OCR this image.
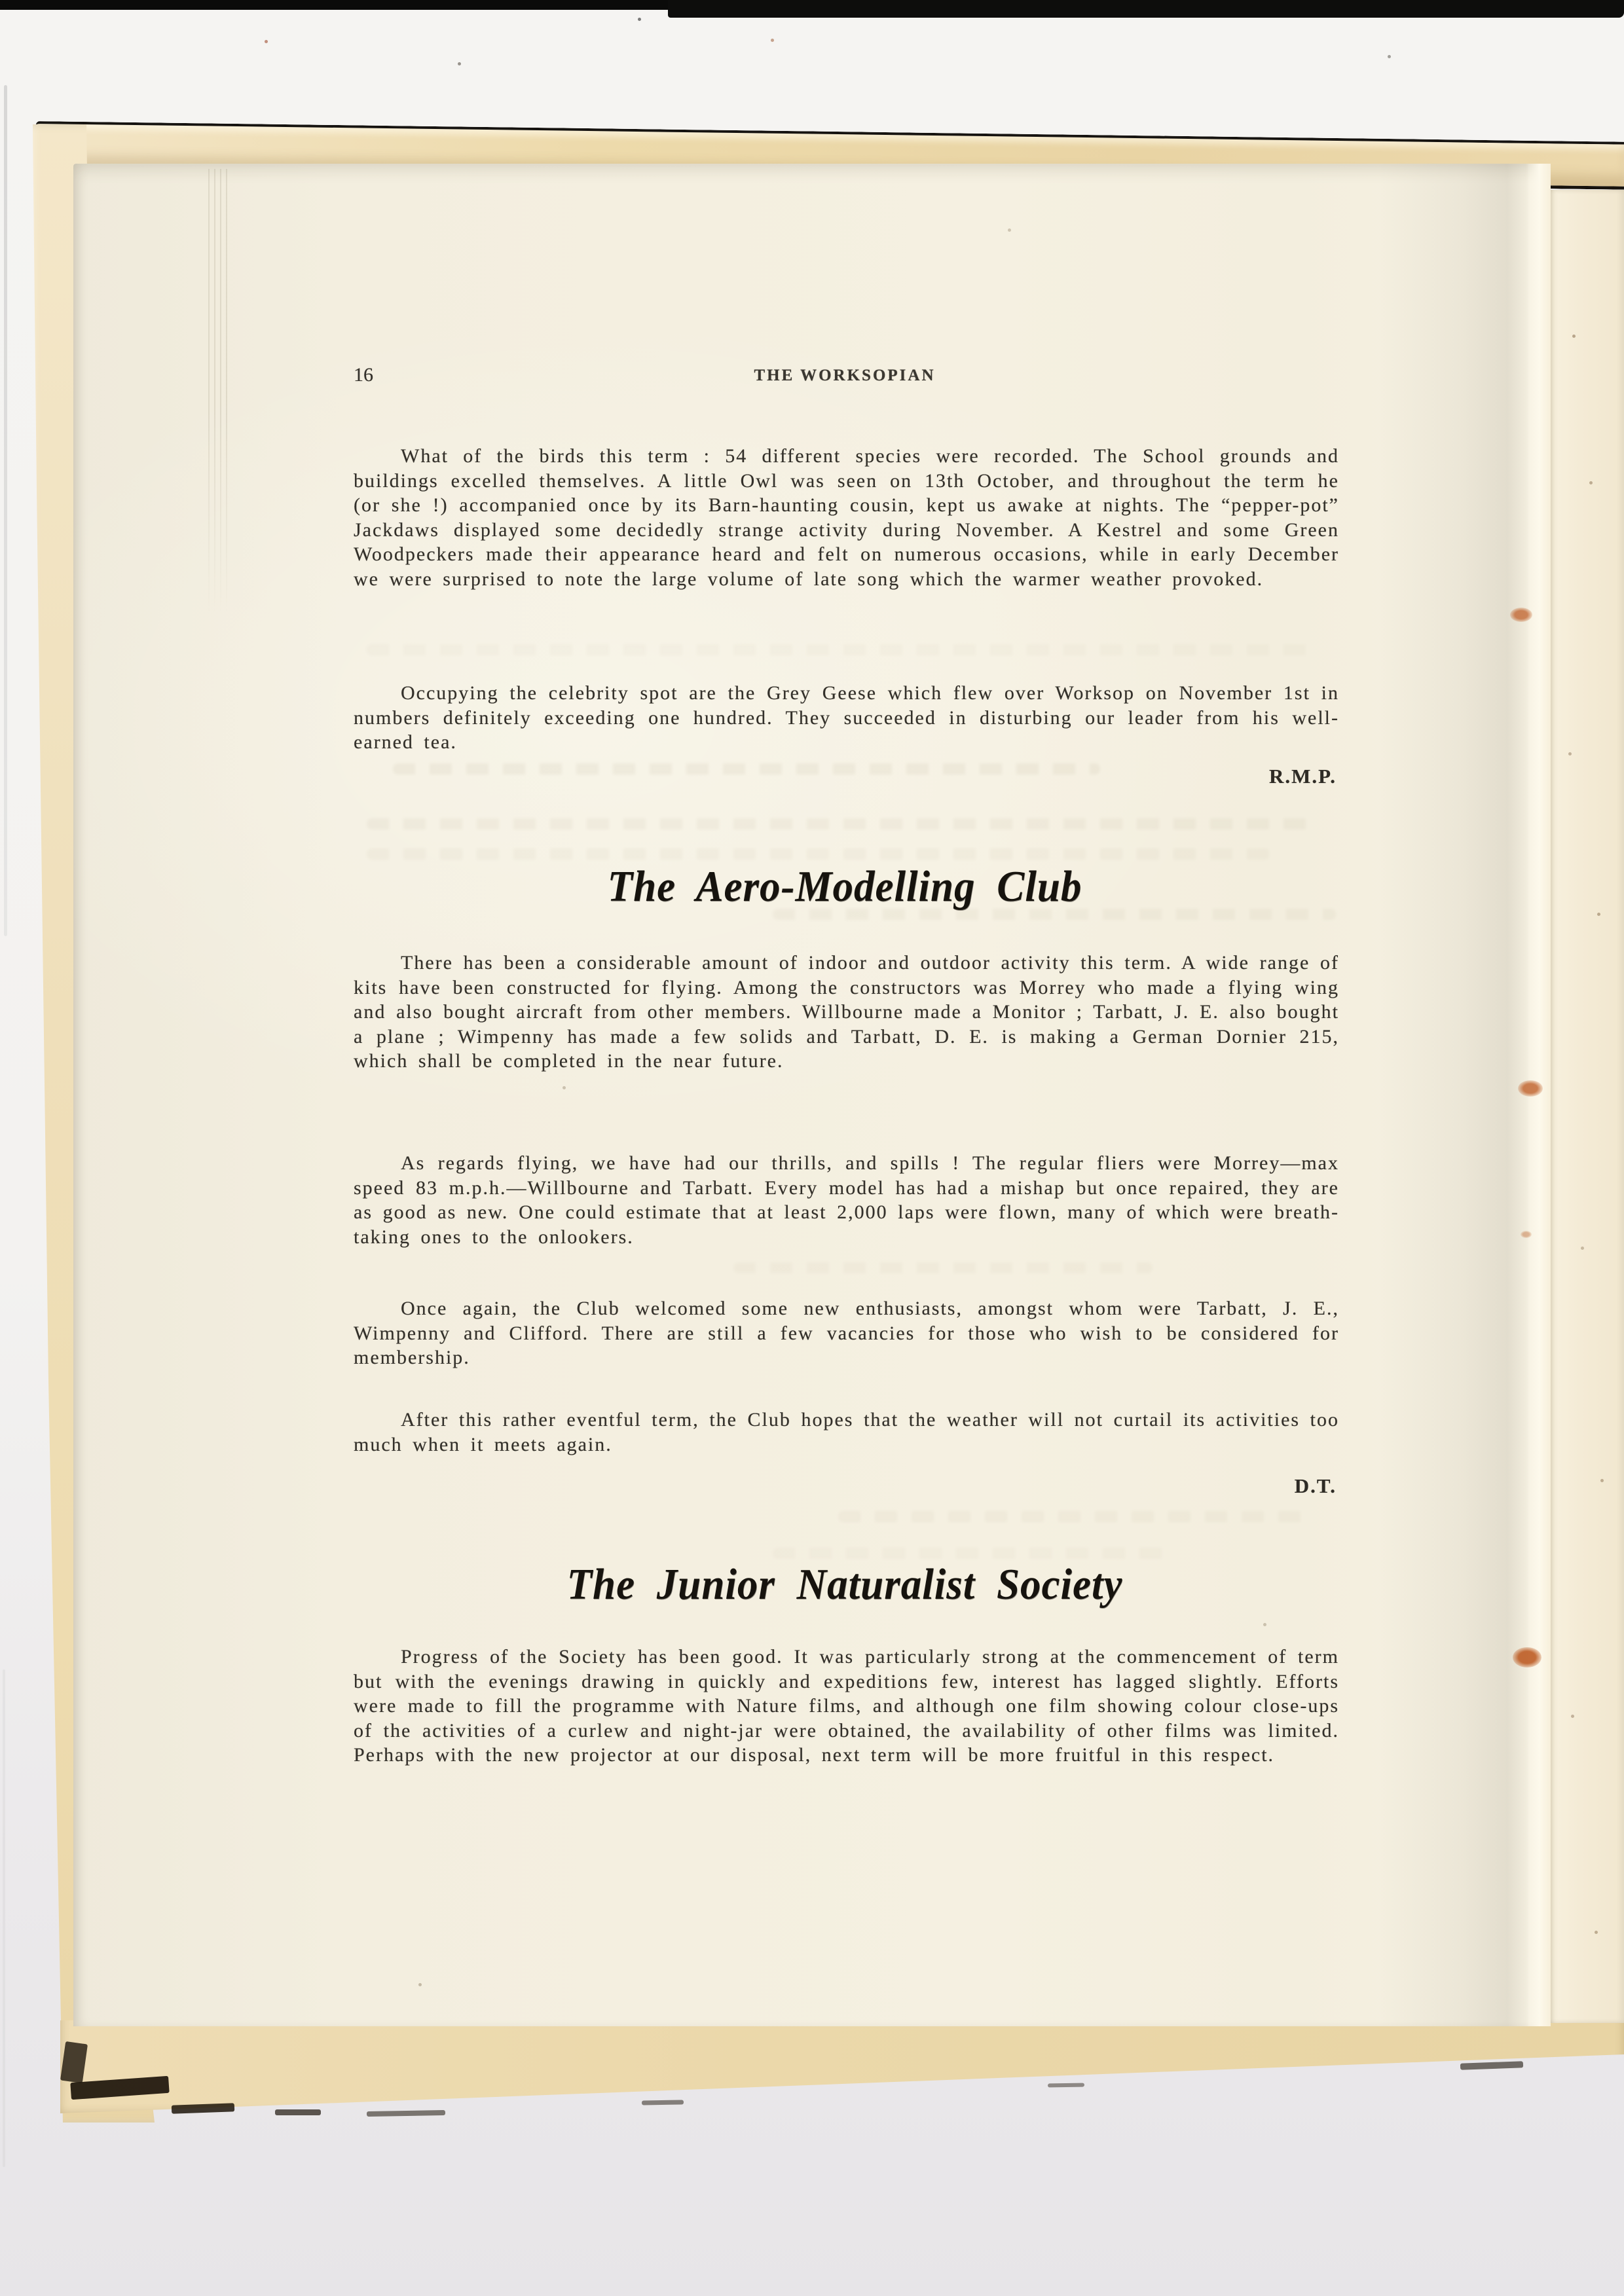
16	THE WORKSOPIAN
What of the birds this term : 54 different species were recorded. The School grounds and buildings excelled themselves. A little Owl was seen on 13th October, and throughout the term he (or she !) accompanied once by its Barn-haunting cousin, kept us awake at nights. The “pepper-pot” Jackdaws displayed some decidedly strange activity during November. A Kestrel and some Green Woodpeckers made their appearance heard and felt on numerous occasions, while in early December we were surprised to note the large volume of late song which the warmer weather provoked.
Occupying the celebrity spot are the Grey Geese which flew over Worksop on November 1st in numbers definitely exceeding one hundred. They succeeded in disturbing our leader from his well-earned tea.
R.M.P.
The Aero-Modelling Club
There has been a considerable amount of indoor and outdoor activity this term. A wide range of kits have been constructed for flying. Among the constructors was Morrey who made a flying wing and also bought aircraft from other members. Willbourne made a Monitor ; Tarbatt, J. E. also bought a plane ; Wimpenny has made a few solids and Tarbatt, D. E. is making a German Dornier 215, which shall be completed in the near future.
As regards flying, we have had our thrills, and spills ! The regular fliers were Morrey—max speed 83 m.p.h.—Willbourne and Tarbatt. Every model has had a mishap but once repaired, they are as good as new. One could estimate that at least 2,000 laps were flown, many of which were breath-taking ones to the onlookers.
Once again, the Club welcomed some new enthusiasts, amongst whom were Tarbatt, J. E., Wimpenny and Clifford. There are still a few vacancies for those who wish to be considered for membership.
After this rather eventful term, the Club hopes that the weather will not curtail its activities too much when it meets again.
D.T.
The Junior Naturalist Society
Progress of the Society has been good. It was particularly strong at the commencement of term but with the evenings drawing in quickly and expeditions few, interest has lagged slightly. Efforts were made to fill the programme with Nature films, and although one film showing colour close-ups of the activities of a curlew and night-jar were obtained, the availability of other films was limited. Perhaps with the new projector at our disposal, next term will be more fruitful in this respect.
